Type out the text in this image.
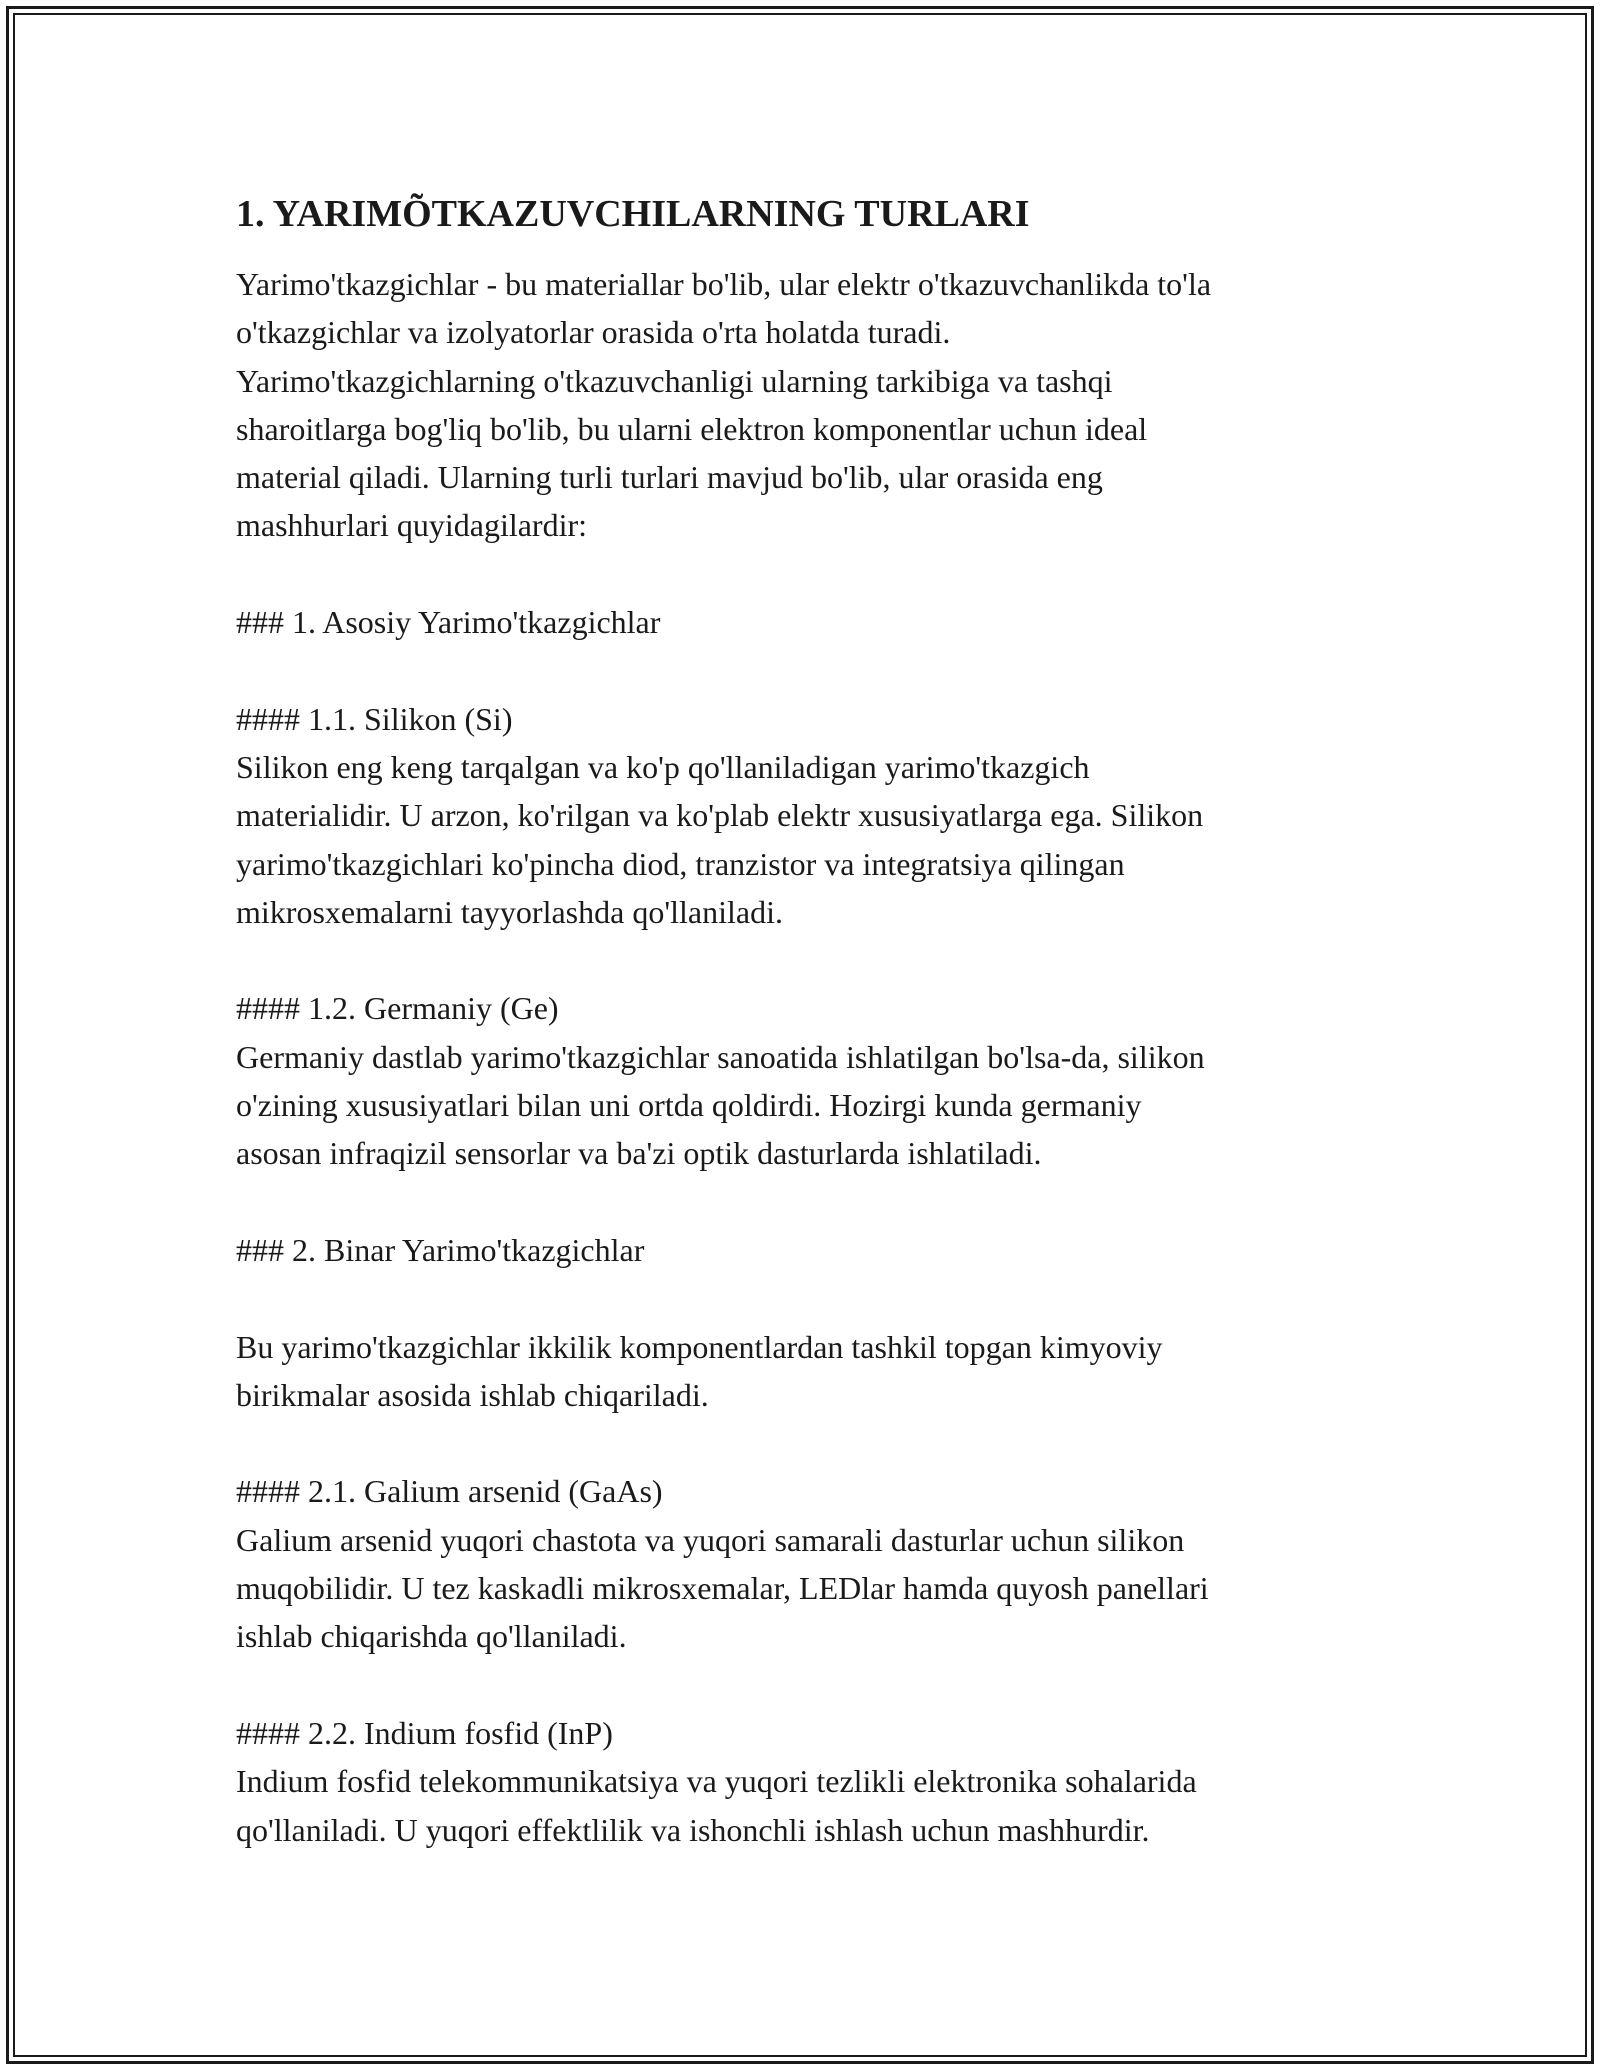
1. YARIMÕTKAZUVCHILARNING TURLARI

Yarimo'tkazgichlar - bu materiallar bo'lib, ular elektr o'tkazuvchanlikda to'la
o'tkazgichlar va izolyatorlar orasida o'rta holatda turadi.
Yarimo'tkazgichlarning o'tkazuvchanligi ularning tarkibiga va tashqi
sharoitlarga bog'liq bo'lib, bu ularni elektron komponentlar uchun ideal
material qiladi. Ularning turli turlari mavjud bo'lib, ular orasida eng
mashhurlari quyidagilardir:

### 1. Asosiy Yarimo'tkazgichlar

#### 1.1. Silikon (Si)

Silikon eng keng tarqalgan va ko'p qo'llaniladigan yarimo'tkazgich
materialidir. U arzon, ko'rilgan va ko'plab elektr xususiyatlarga ega. Silikon
yarimo'tkazgichlari ko'pincha diod, tranzistor va integratsiya qilingan
mikrosxemalarni tayyorlashda qo'llaniladi.

#### 1.2. Germaniy (Ge)

Germaniy dastlab yarimo'tkazgichlar sanoatida ishlatilgan bo'lsa-da, silikon
o'zining xususiyatlari bilan uni ortda qoldirdi. Hozirgi kunda germaniy
asosan infraqizil sensorlar va ba'zi optik dasturlarda ishlatiladi.

### 2. Binar Yarimo'tkazgichlar

Bu yarimo'tkazgichlar ikkilik komponentlardan tashkil topgan kimyoviy
birikmalar asosida ishlab chiqariladi.

#### 2.1. Galium arsenid (GaAs)

Galium arsenid yuqori chastota va yuqori samarali dasturlar uchun silikon
muqobilidir. U tez kaskadli mikrosxemalar, LEDlar hamda quyosh panellari
ishlab chiqarishda qo'llaniladi.

#### 2.2. Indium fosfid (InP)

Indium fosfid telekommunikatsiya va yuqori tezlikli elektronika sohalarida
qo'llaniladi. U yuqori effektlilik va ishonchli ishlash uchun mashhurdir.
